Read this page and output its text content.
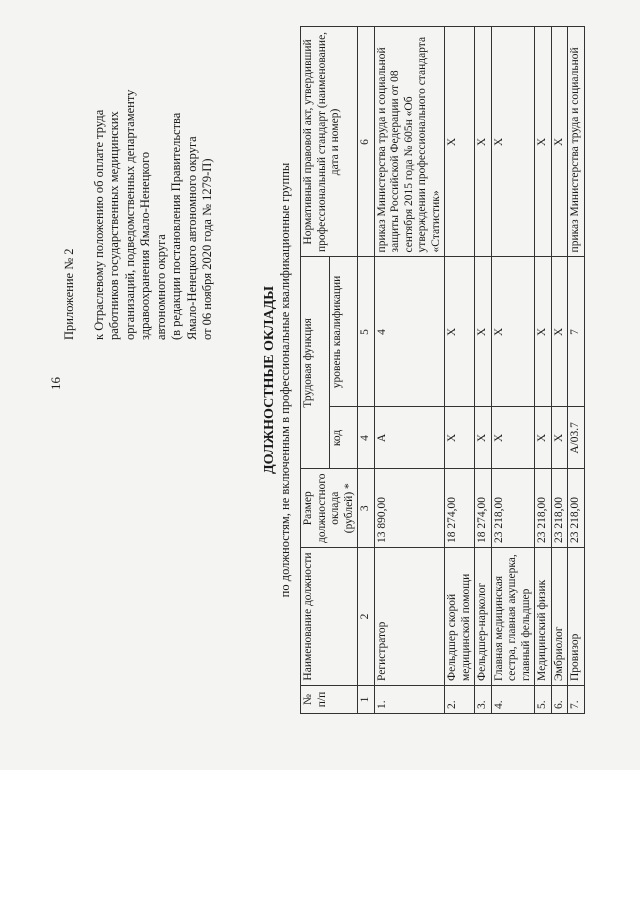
16
Приложение № 2 к Отраслевому положению об оплате труда работников государственных медицинских организаций, подведомственных департаменту здравоохранения Ямало-Ненецкого автономного округа (в редакции постановления Правительства Ямало-Ненецкого автономного округа от 06 ноября 2020 года № 1279-П)
ДОЛЖНОСТНЫЕ ОКЛАДЫ по должностям, не включенным в профессиональные квалификационные группы
№ п/п	Наименование должности	Размер должностного оклада (рублей) *	Трудовая функция		Нормативный правовой акт, утвердивший профессиональный стандарт (наименование, дата и номер)
			код	уровень квалификации	
1	2	3	4	5	6
1.	Регистратор	13 890,00	А	4	приказ Министерства труда и социальной защиты Российской Федерации от 08 сентября 2015 года № 605н «Об утверждении профессионального стандарта «Статистик»
2.	Фельдшер скорой медицинской помощи	18 274,00	Х	Х	Х
3.	Фельдшер-нарколог	18 274,00	Х	Х	Х
4.	Главная медицинская сестра, главная акушерка, главный фельдшер	23 218,00	Х	Х	Х
5.	Медицинский физик	23 218,00	Х	Х	Х
6.	Эмбриолог	23 218,00	Х	Х	Х
7.	Провизор	23 218,00	А/03.7	7	приказ Министерства труда и социальной
